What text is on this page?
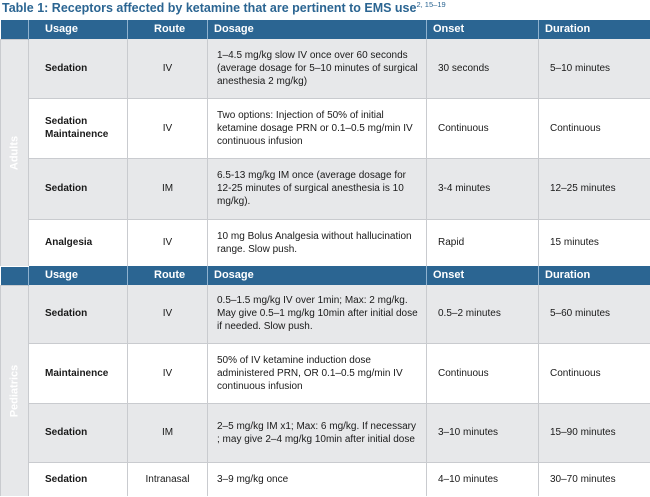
Table 1: Receptors affected by ketamine that are pertinent to EMS use$^{2, 15-19}$
	Usage	Route	Dosage	Onset	Duration

Adults	Sedation	IV	1–4.5 mg/kg slow IV once over 60 seconds (average dosage for 5–10 minutes of surgical anesthesia 2 mg/kg)	30 seconds	5–10 minutes
	Sedation Maintainence	IV	Two options: Injection of 50% of initial ketamine dosage PRN or 0.1–0.5 mg/min IV continuous infusion	Continuous	Continuous
	Sedation	IM	6.5-13 mg/kg IM once (average dosage for 12-25 minutes of surgical anesthesia is 10 mg/kg).	3-4 minutes	12–25 minutes
	Analgesia	IV	10 mg Bolus Analgesia without hallucination range. Slow push.	Rapid	15 minutes
	Usage	Route	Dosage	Onset	Duration

Pediatrics	Sedation	IV	0.5–1.5 mg/kg IV over 1min; Max: 2 mg/kg. May give 0.5–1 mg/kg 10min after initial dose if needed. Slow push.	0.5–2 minutes	5–60 minutes
	Maintainence	IV	50% of IV ketamine induction dose administered PRN, OR 0.1–0.5 mg/min IV continuous infusion	Continuous	Continuous
	Sedation	IM	2–5 mg/kg IM x1; Max: 6 mg/kg. If necessary ; may give 2–4 mg/kg 10min after initial dose	3–10 minutes	15–90 minutes
	Sedation	Intranasal	3–9 mg/kg once	4–10 minutes	30–70 minutes
